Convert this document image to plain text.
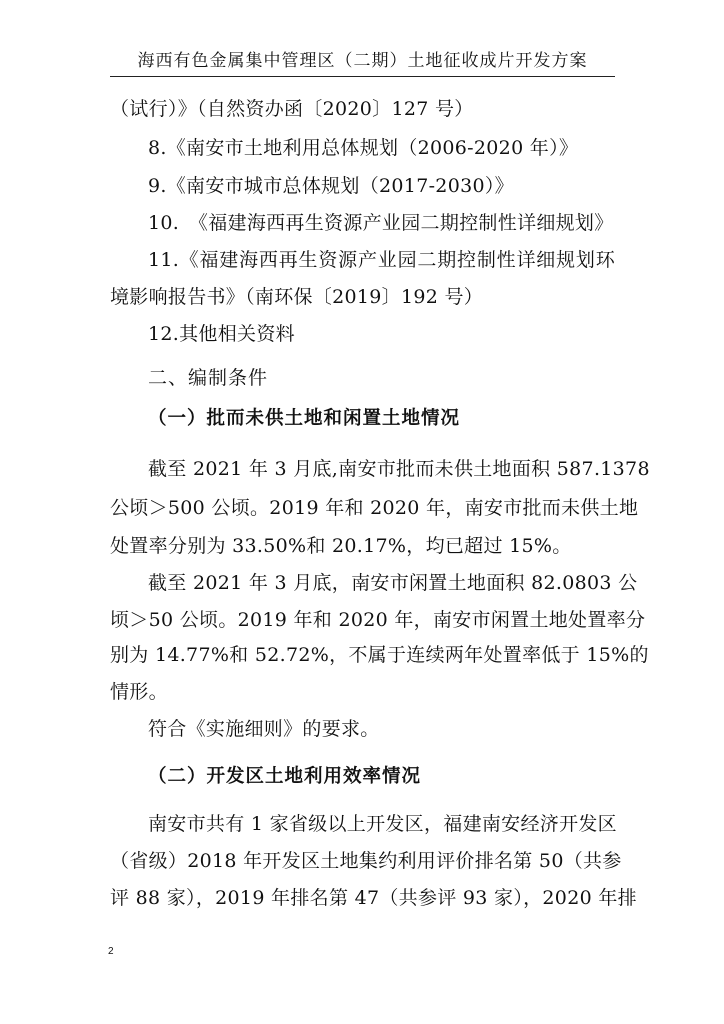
海西有色金属集中管理区（二期）土地征收成片开发方案
（试行）》（自然资办函〔2020〕127 号）
8.《南安市土地利用总体规划（2006-2020 年）》
9.《南安市城市总体规划（2017-2030）》
10.　《福建海西再生资源产业园二期控制性详细规划》
11.《福建海西再生资源产业园二期控制性详细规划环
境影响报告书》（南环保〔2019〕192 号）
12.其他相关资料
二、编制条件
（一）批而未供土地和闲置土地情况
截至 2021 年 3 月底,南安市批而未供土地面积 587.1378
公顷＞500 公顷。2019 年和 2020 年，南安市批而未供土地
处置率分别为 33.50%和 20.17%，均已超过 15%。
截至 2021 年 3 月底，南安市闲置土地面积 82.0803 公
顷＞50 公顷。2019 年和 2020 年，南安市闲置土地处置率分
别为 14.77%和 52.72%，不属于连续两年处置率低于 15%的
情形。
符合《实施细则》的要求。
（二）开发区土地利用效率情况
南安市共有 1 家省级以上开发区，福建南安经济开发区
（省级）2018 年开发区土地集约利用评价排名第 50（共参
评 88 家），2019 年排名第 47（共参评 93 家），2020 年排
2
